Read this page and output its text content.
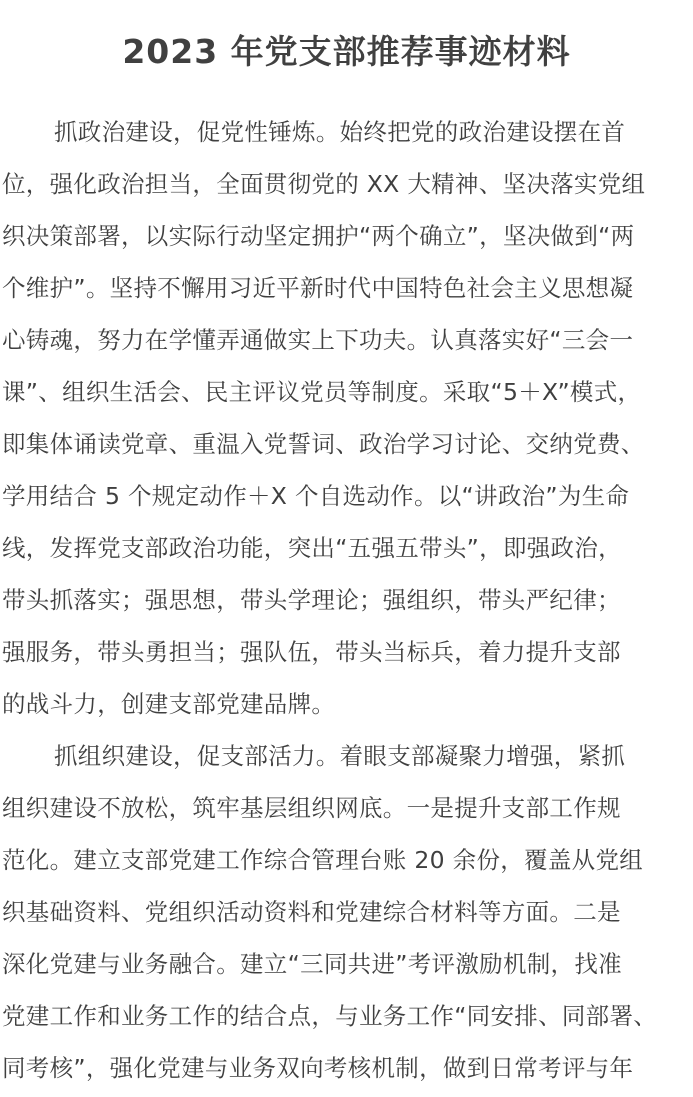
2023 年党支部推荐事迹材料
抓政治建设，促党性锤炼。始终把党的政治建设摆在首
位，强化政治担当，全面贯彻党的 XX 大精神、坚决落实党组
织决策部署，以实际行动坚定拥护“两个确立”，坚决做到“两
个维护”。坚持不懈用习近平新时代中国特色社会主义思想凝
心铸魂，努力在学懂弄通做实上下功夫。认真落实好“三会一
课”、组织生活会、民主评议党员等制度。采取“5＋X”模式，
即集体诵读党章、重温入党誓词、政治学习讨论、交纳党费、
学用结合 5 个规定动作＋X 个自选动作。以“讲政治”为生命
线，发挥党支部政治功能，突出“五强五带头”，即强政治，
带头抓落实；强思想，带头学理论；强组织，带头严纪律；
强服务，带头勇担当；强队伍，带头当标兵，着力提升支部
的战斗力，创建支部党建品牌。
抓组织建设，促支部活力。着眼支部凝聚力增强，紧抓
组织建设不放松，筑牢基层组织网底。一是提升支部工作规
范化。建立支部党建工作综合管理台账 20 余份，覆盖从党组
织基础资料、党组织活动资料和党建综合材料等方面。二是
深化党建与业务融合。建立“三同共进”考评激励机制，找准
党建工作和业务工作的结合点，与业务工作“同安排、同部署、
同考核”，强化党建与业务双向考核机制，做到日常考评与年
